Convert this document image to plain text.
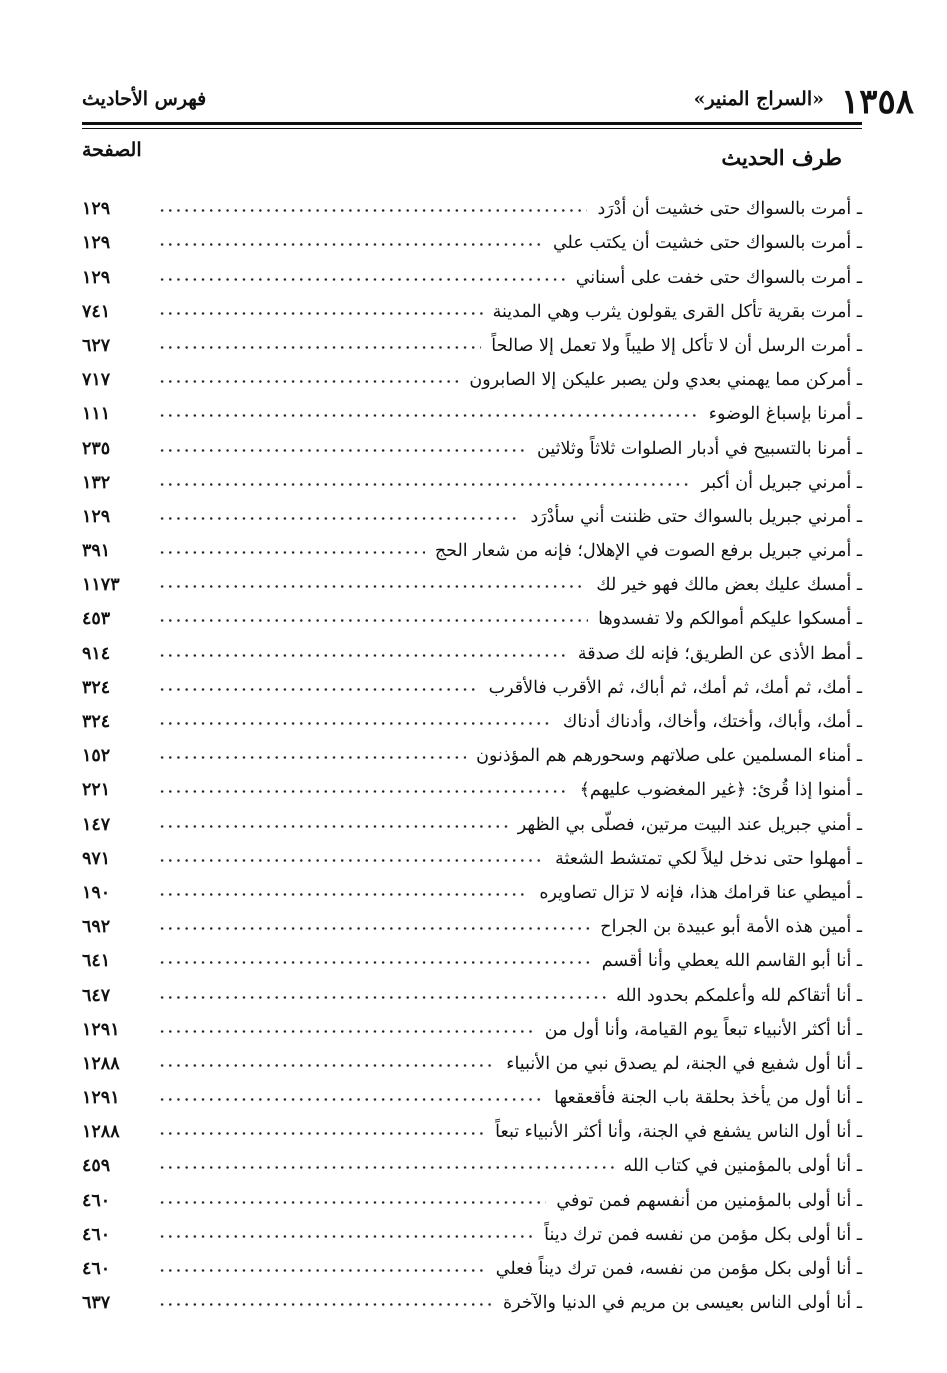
١٣٥٨
«السراج المنير»
فهرس الأحاديث
طرف الحديث
الصفحة
ـ أمرت بالسواك حتى خشيت أن أدْرَد
١٢٩
ـ أمرت بالسواك حتى خشيت أن يكتب علي
١٢٩
ـ أمرت بالسواك حتى خفت على أسناني
١٢٩
ـ أمرت بقرية تأكل القرى يقولون يثرب وهي المدينة
٧٤١
ـ أمرت الرسل أن لا تأكل إلا طيباً ولا تعمل إلا صالحاً
٦٢٧
ـ أمركن مما يهمني بعدي ولن يصبر عليكن إلا الصابرون
٧١٧
ـ أمرنا بإسباغ الوضوء
١١١
ـ أمرنا بالتسبيح في أدبار الصلوات ثلاثاً وثلاثين
٢٣٥
ـ أمرني جبريل أن أكبر
١٣٢
ـ أمرني جبريل بالسواك حتى ظننت أني سأدْرَد
١٢٩
ـ أمرني جبريل برفع الصوت في الإهلال؛ فإنه من شعار الحج
٣٩١
ـ أمسك عليك بعض مالك فهو خير لك
١١٧٣
ـ أمسكوا عليكم أموالكم ولا تفسدوها
٤٥٣
ـ أمط الأذى عن الطريق؛ فإنه لك صدقة
٩١٤
ـ أمك، ثم أمك، ثم أمك، ثم أباك، ثم الأقرب فالأقرب
٣٢٤
ـ أمك، وأباك، وأختك، وأخاك، وأدناك أدناك
٣٢٤
ـ أمناء المسلمين على صلاتهم وسحورهم هم المؤذنون
١٥٢
ـ أمنوا إذا قُرئ: ﴿غير المغضوب عليهم﴾
٢٢١
ـ أمني جبريل عند البيت مرتين، فصلّى بي الظهر
١٤٧
ـ أمهلوا حتى ندخل ليلاً لكي تمتشط الشعثة
٩٧١
ـ أميطي عنا قرامك هذا، فإنه لا تزال تصاويره
١٩٠
ـ أمين هذه الأمة أبو عبيدة بن الجراح
٦٩٢
ـ أنا أبو القاسم الله يعطي وأنا أقسم
٦٤١
ـ أنا أتقاكم لله وأعلمكم بحدود الله
٦٤٧
ـ أنا أكثر الأنبياء تبعاً يوم القيامة، وأنا أول من
١٢٩١
ـ أنا أول شفيع في الجنة، لم يصدق نبي من الأنبياء
١٢٨٨
ـ أنا أول من يأخذ بحلقة باب الجنة فأقعقعها
١٢٩١
ـ أنا أول الناس يشفع في الجنة، وأنا أكثر الأنبياء تبعاً
١٢٨٨
ـ أنا أولى بالمؤمنين في كتاب الله
٤٥٩
ـ أنا أولى بالمؤمنين من أنفسهم فمن توفي
٤٦٠
ـ أنا أولى بكل مؤمن من نفسه فمن ترك ديناً
٤٦٠
ـ أنا أولى بكل مؤمن من نفسه، فمن ترك ديناً فعلي
٤٦٠
ـ أنا أولى الناس بعيسى بن مريم في الدنيا والآخرة
٦٣٧
